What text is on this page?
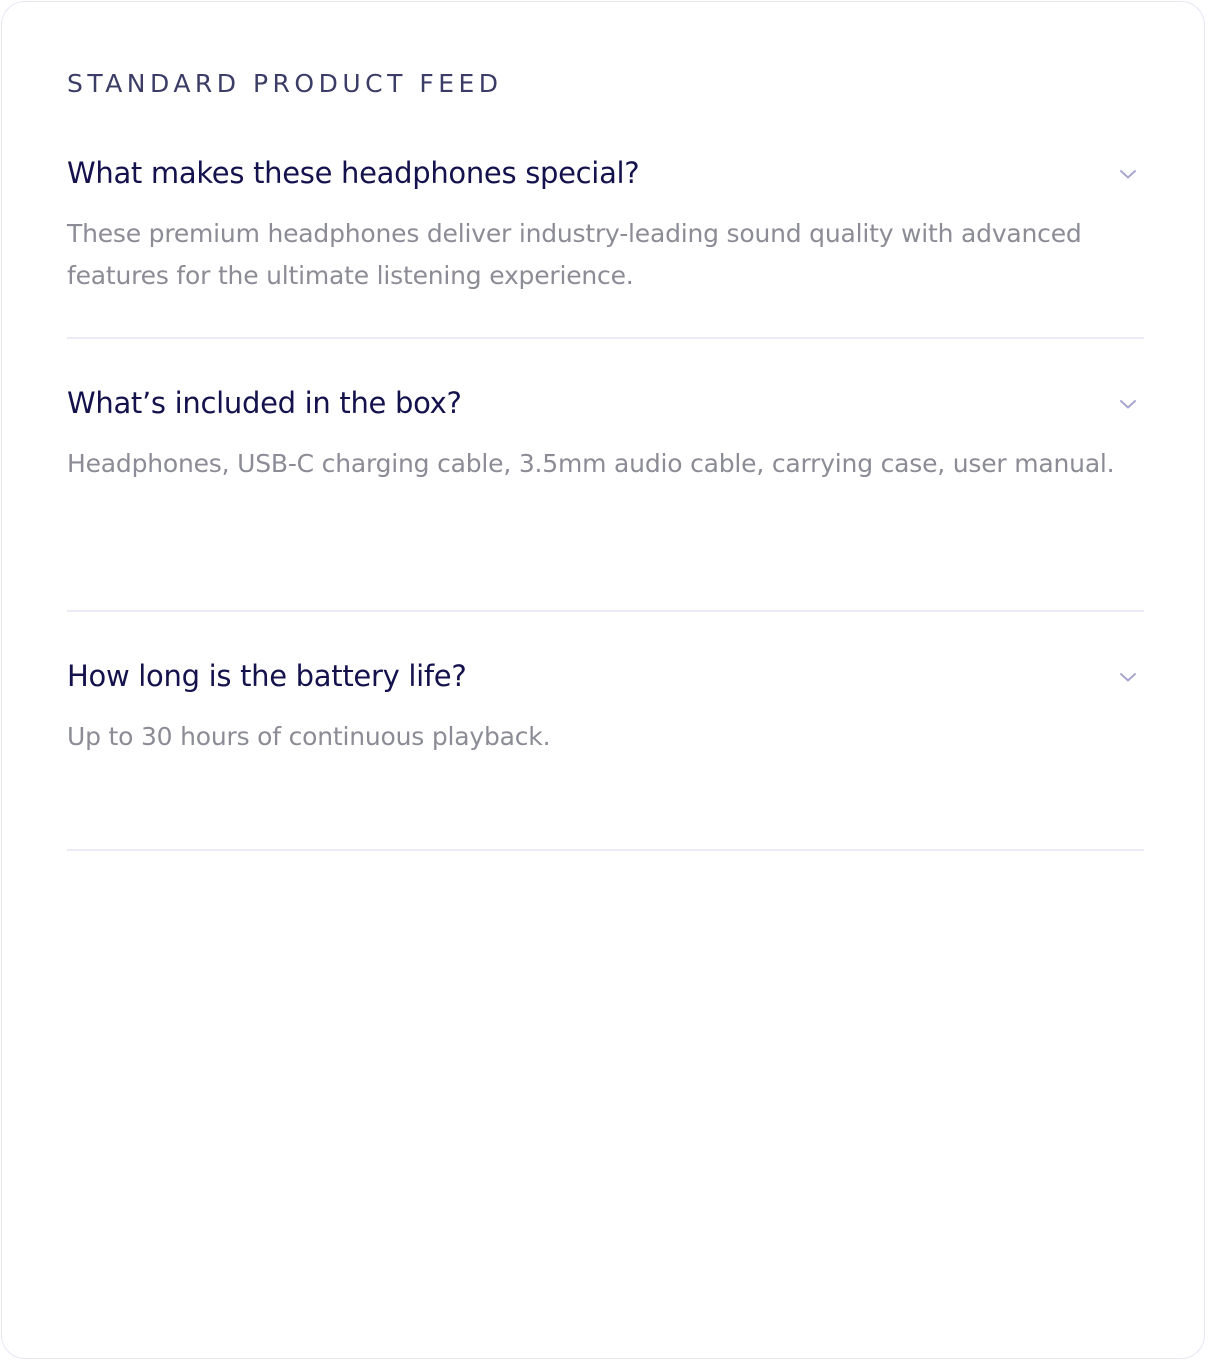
STANDARD PRODUCT FEED
What makes these headphones special?

These premium headphones deliver industry-leading sound quality with advanced features for the ultimate listening experience.

What’s included in the box?

Headphones, USB-C charging cable, 3.5mm audio cable, carrying case, user manual.

How long is the battery life?

Up to 30 hours of continuous playback.
